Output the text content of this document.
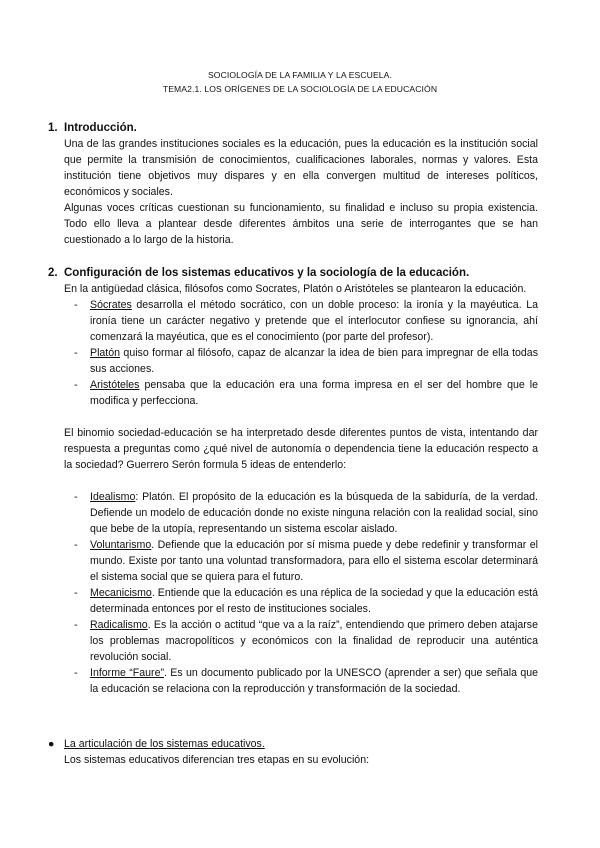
SOCIOLOGÍA DE LA FAMILIA Y LA ESCUELA.
TEMA2.1. LOS ORÍGENES DE LA SOCIOLOGÍA DE LA EDUCACIÓN
1. Introducción.

Una de las grandes instituciones sociales es la educación, pues la educación es la institución social que permite la transmisión de conocimientos, cualificaciones laborales, normas y valores. Esta institución tiene objetivos muy dispares y en ella convergen multitud de intereses políticos, económicos y sociales.

Algunas voces críticas cuestionan su funcionamiento, su finalidad e incluso su propia existencia. Todo ello lleva a plantear desde diferentes ámbitos una serie de interrogantes que se han cuestionado a lo largo de la historia.

2. Configuración de los sistemas educativos y la sociología de la educación.

En la antigüedad clásica, filósofos como Socrates, Platón o Aristóteles se plantearon la educación.

- Sócrates desarrolla el método socrático, con un doble proceso: la ironía y la mayéutica. La ironía tiene un carácter negativo y pretende que el interlocutor confiese su ignorancia, ahí comenzará la mayéutica, que es el conocimiento (por parte del profesor).
- Platón quiso formar al filósofo, capaz de alcanzar la idea de bien para impregnar de ella todas sus acciones.
- Aristóteles pensaba que la educación era una forma impresa en el ser del hombre que le modifica y perfecciona.

El binomio sociedad-educación se ha interpretado desde diferentes puntos de vista, intentando dar respuesta a preguntas como ¿qué nivel de autonomía o dependencia tiene la educación respecto a la sociedad? Guerrero Serón formula 5 ideas de entenderlo:

- Idealismo: Platón. El propósito de la educación es la búsqueda de la sabiduría, de la verdad. Defiende un modelo de educación donde no existe ninguna relación con la realidad social, sino que bebe de la utopía, representando un sistema escolar aislado.
- Voluntarismo. Defiende que la educación por sí misma puede y debe redefinir y transformar el mundo. Existe por tanto una voluntad transformadora, para ello el sistema escolar determinará el sistema social que se quiera para el futuro.
- Mecanicismo. Entiende que la educación es una réplica de la sociedad y que la educación está determinada entonces por el resto de instituciones sociales.
- Radicalismo. Es la acción o actitud “que va a la raíz”, entendiendo que primero deben atajarse los problemas macropolíticos y económicos con la finalidad de reproducir una auténtica revolución social.
- Informe “Faure”. Es un documento publicado por la UNESCO (aprender a ser) que señala que la educación se relaciona con la reproducción y transformación de la sociedad.
● La articulación de los sistemas educativos.
Los sistemas educativos diferencian tres etapas en su evolución:
